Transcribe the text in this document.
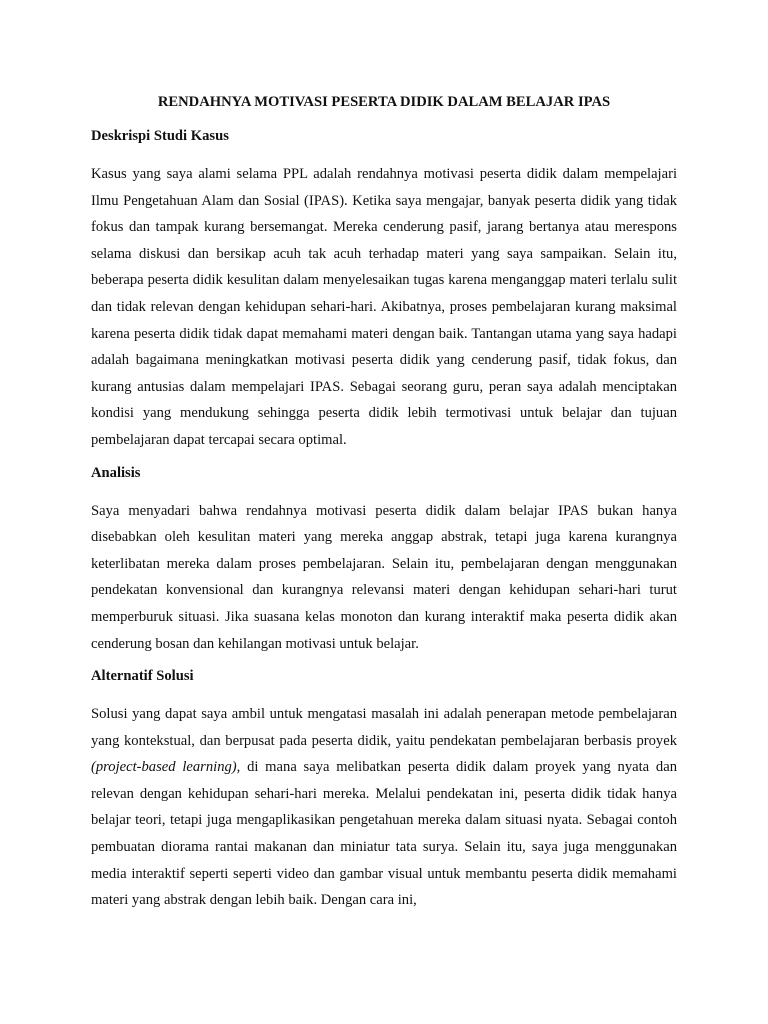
RENDAHNYA MOTIVASI PESERTA DIDIK DALAM BELAJAR IPAS
Deskrispi Studi Kasus

Kasus yang saya alami selama PPL adalah rendahnya motivasi peserta didik dalam mempelajari Ilmu Pengetahuan Alam dan Sosial (IPAS). Ketika saya mengajar, banyak peserta didik yang tidak fokus dan tampak kurang bersemangat. Mereka cenderung pasif, jarang bertanya atau merespons selama diskusi dan bersikap acuh tak acuh terhadap materi yang saya sampaikan. Selain itu, beberapa peserta didik kesulitan dalam menyelesaikan tugas karena menganggap materi terlalu sulit dan tidak relevan dengan kehidupan sehari-hari. Akibatnya, proses pembelajaran kurang maksimal karena peserta didik tidak dapat memahami materi dengan baik. Tantangan utama yang saya hadapi adalah bagaimana meningkatkan motivasi peserta didik yang cenderung pasif, tidak fokus, dan kurang antusias dalam mempelajari IPAS. Sebagai seorang guru, peran saya adalah menciptakan kondisi yang mendukung sehingga peserta didik lebih termotivasi untuk belajar dan tujuan pembelajaran dapat tercapai secara optimal.

Analisis

Saya menyadari bahwa rendahnya motivasi peserta didik dalam belajar IPAS bukan hanya disebabkan oleh kesulitan materi yang mereka anggap abstrak, tetapi juga karena kurangnya keterlibatan mereka dalam proses pembelajaran. Selain itu, pembelajaran dengan menggunakan pendekatan konvensional dan kurangnya relevansi materi dengan kehidupan sehari-hari turut memperburuk situasi. Jika suasana kelas monoton dan kurang interaktif maka peserta didik akan cenderung bosan dan kehilangan motivasi untuk belajar.

Alternatif Solusi

Solusi yang dapat saya ambil untuk mengatasi masalah ini adalah penerapan metode pembelajaran yang kontekstual, dan berpusat pada peserta didik, yaitu pendekatan pembelajaran berbasis proyek (project-based learning), di mana saya melibatkan peserta didik dalam proyek yang nyata dan relevan dengan kehidupan sehari-hari mereka. Melalui pendekatan ini, peserta didik tidak hanya belajar teori, tetapi juga mengaplikasikan pengetahuan mereka dalam situasi nyata. Sebagai contoh pembuatan diorama rantai makanan dan miniatur tata surya. Selain itu, saya juga menggunakan media interaktif seperti seperti video dan gambar visual untuk membantu peserta didik memahami materi yang abstrak dengan lebih baik. Dengan cara ini,
